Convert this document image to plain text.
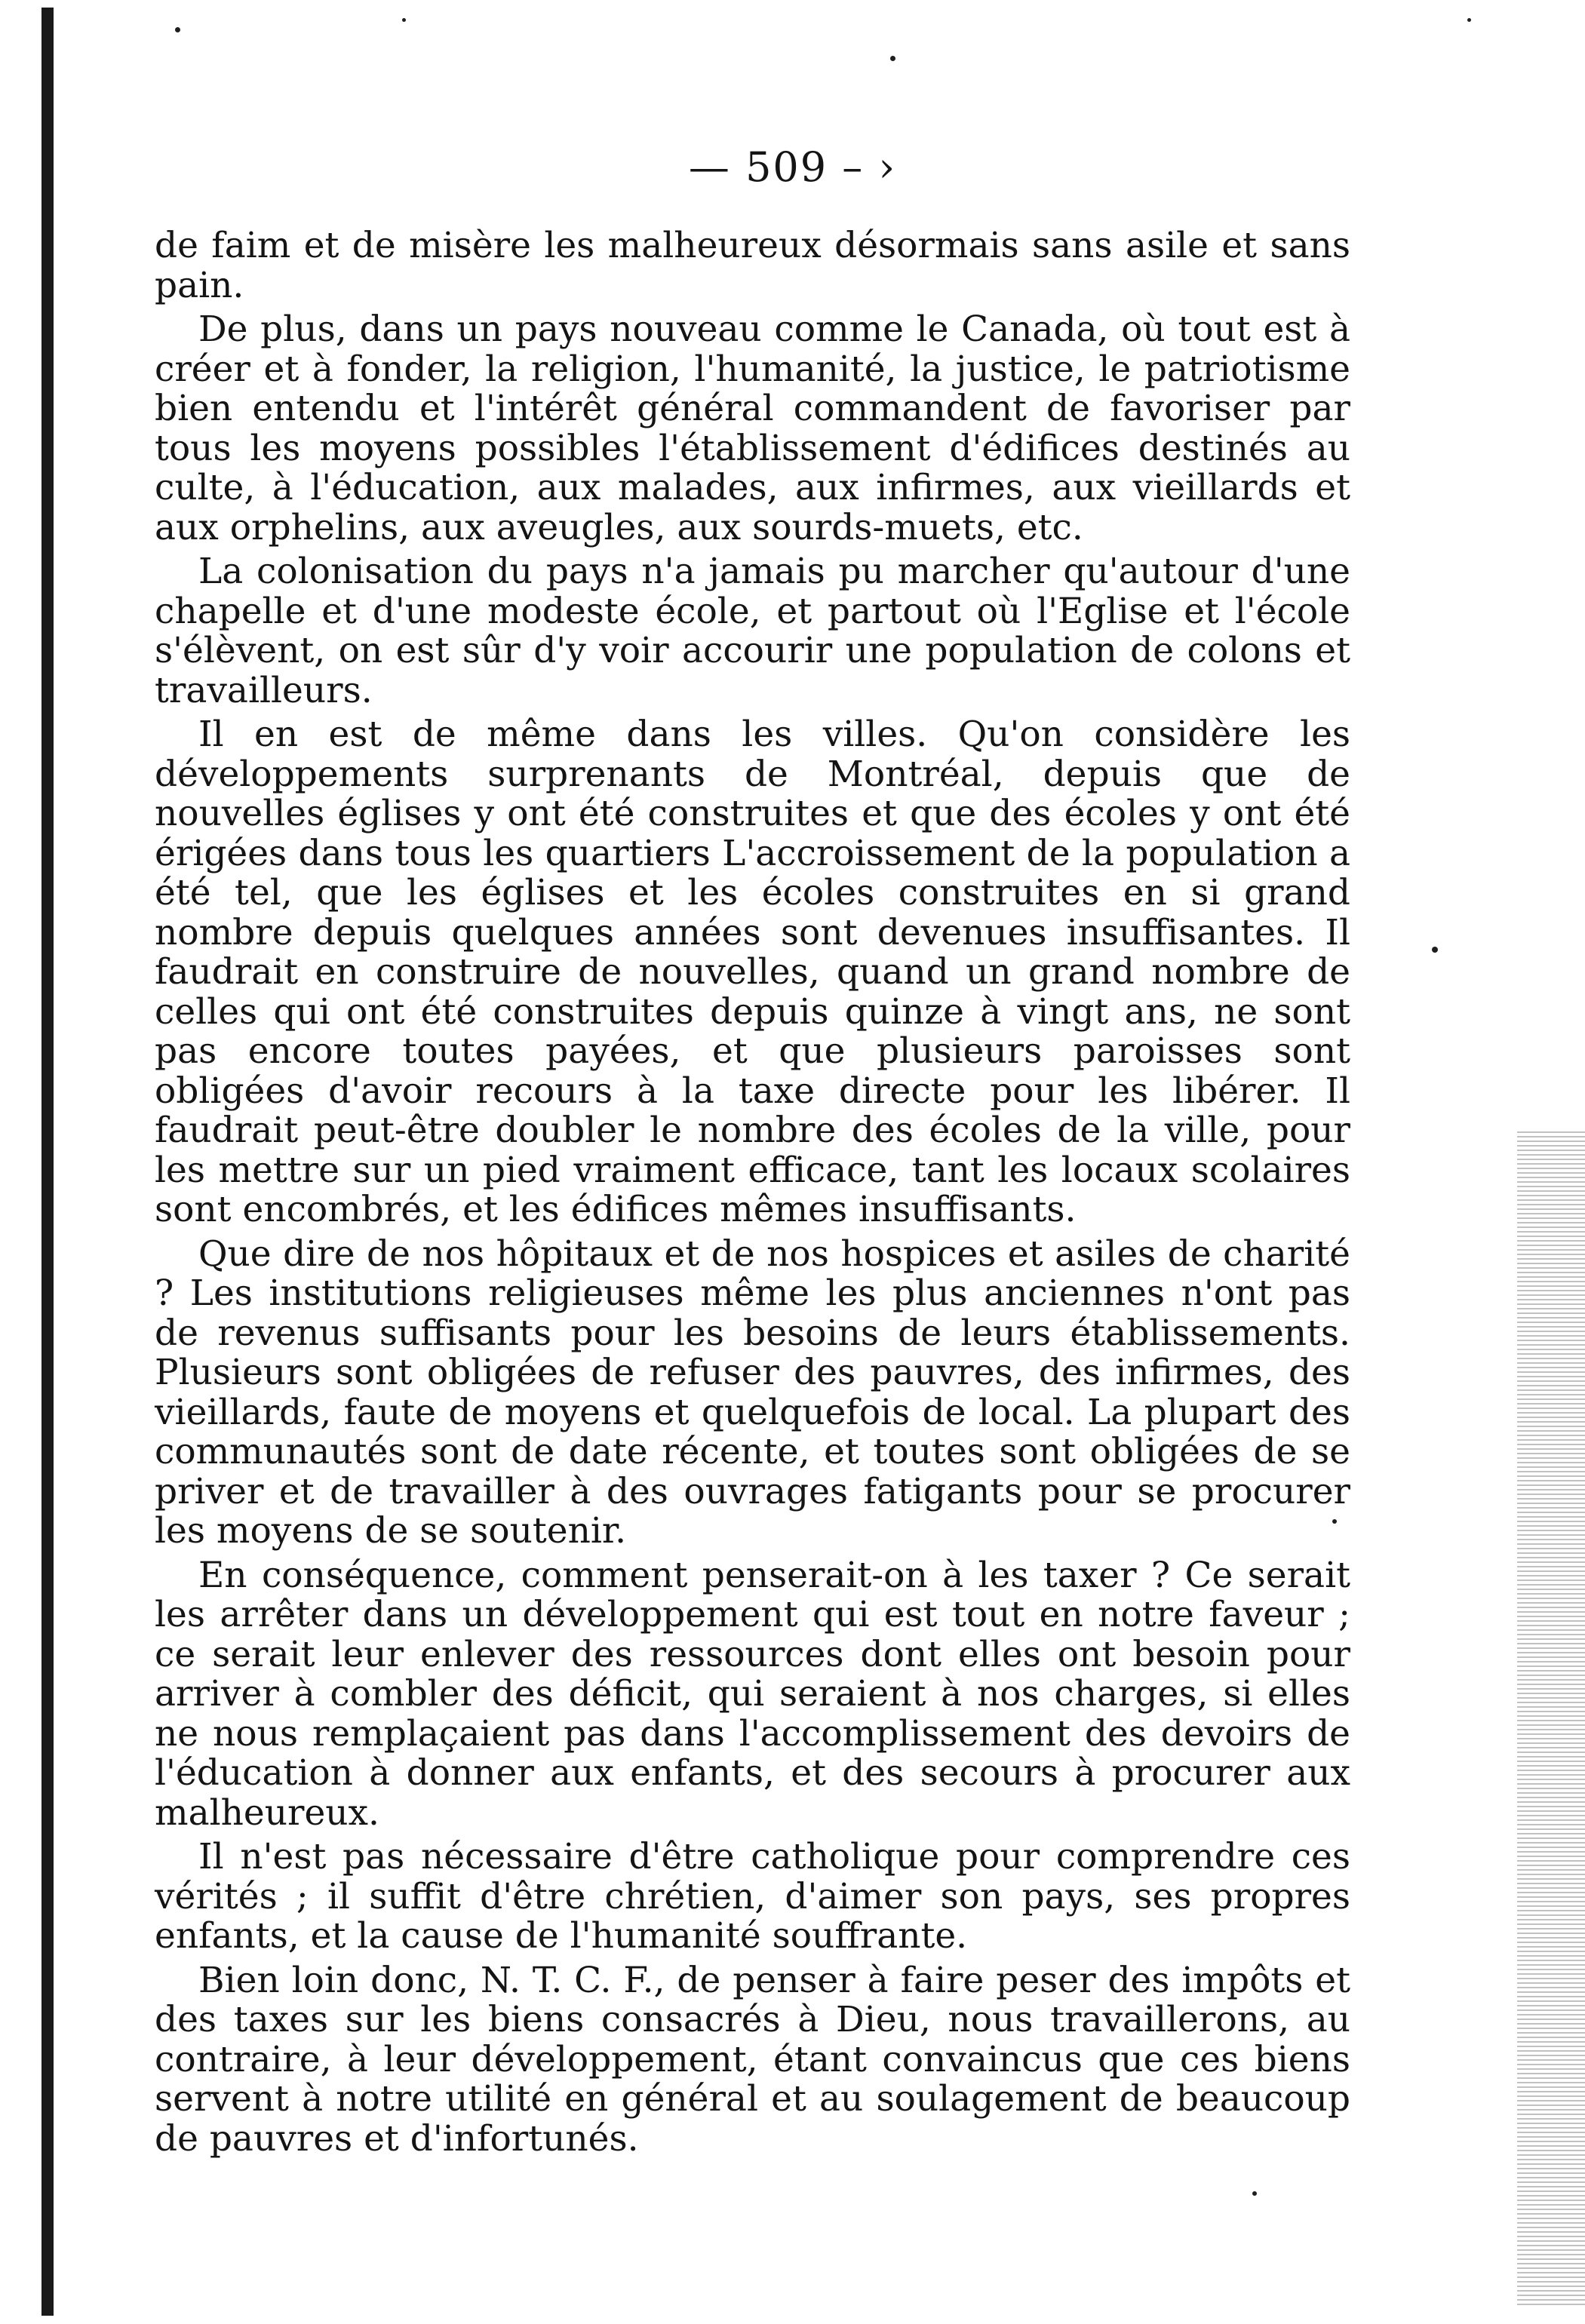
— 509 – ›

de faim et de misère les malheureux désormais sans asile et sans pain.

De plus, dans un pays nouveau comme le Canada, où tout est à créer et à fonder, la religion, l'humanité, la justice, le patriotisme bien entendu et l'intérêt général commandent de favoriser par tous les moyens possibles l'établissement d'édifices destinés au culte, à l'éducation, aux malades, aux infirmes, aux vieillards et aux orphelins, aux aveugles, aux sourds-muets, etc.

La colonisation du pays n'a jamais pu marcher qu'autour d'une chapelle et d'une modeste école, et partout où l'Eglise et l'école s'élèvent, on est sûr d'y voir accourir une population de colons et travailleurs.

Il en est de même dans les villes. Qu'on considère les développements surprenants de Montréal, depuis que de nouvelles églises y ont été construites et que des écoles y ont été érigées dans tous les quartiers L'accroissement de la population a été tel, que les églises et les écoles construites en si grand nombre depuis quelques années sont devenues insuffisantes. Il faudrait en construire de nouvelles, quand un grand nombre de celles qui ont été construites depuis quinze à vingt ans, ne sont pas encore toutes payées, et que plusieurs paroisses sont obligées d'avoir recours à la taxe directe pour les libérer. Il faudrait peut-être doubler le nombre des écoles de la ville, pour les mettre sur un pied vraiment efficace, tant les locaux scolaires sont encombrés, et les édifices mêmes insuffisants.

Que dire de nos hôpitaux et de nos hospices et asiles de charité ? Les institutions religieuses même les plus anciennes n'ont pas de revenus suffisants pour les besoins de leurs établissements. Plusieurs sont obligées de refuser des pauvres, des infirmes, des vieillards, faute de moyens et quelquefois de local. La plupart des communautés sont de date récente, et toutes sont obligées de se priver et de travailler à des ouvrages fatigants pour se procurer les moyens de se soutenir.

En conséquence, comment penserait-on à les taxer ? Ce serait les arrêter dans un développement qui est tout en notre faveur ; ce serait leur enlever des ressources dont elles ont besoin pour arriver à combler des déficit, qui seraient à nos charges, si elles ne nous remplaçaient pas dans l'accomplissement des devoirs de l'éducation à donner aux enfants, et des secours à procurer aux malheureux.

Il n'est pas nécessaire d'être catholique pour comprendre ces vérités ; il suffit d'être chrétien, d'aimer son pays, ses propres enfants, et la cause de l'humanité souffrante.

Bien loin donc, N. T. C. F., de penser à faire peser des impôts et des taxes sur les biens consacrés à Dieu, nous travaillerons, au contraire, à leur développement, étant convaincus que ces biens servent à notre utilité en général et au soulagement de beaucoup de pauvres et d'infortunés.
